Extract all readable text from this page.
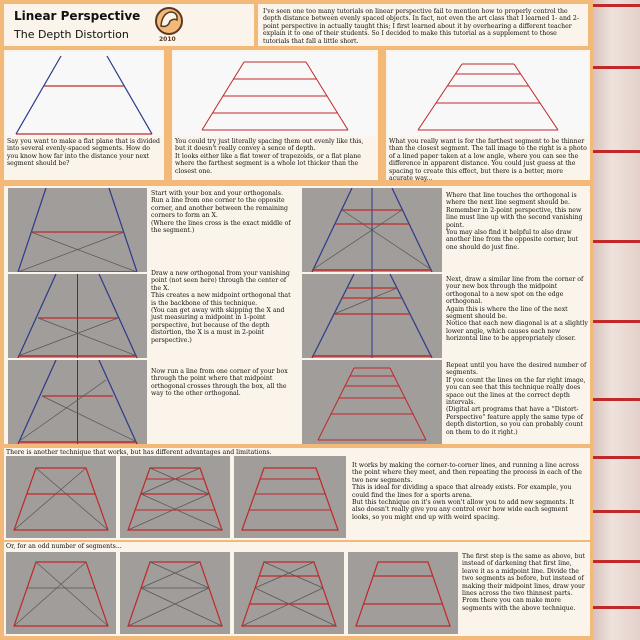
Linear Perspective
The Depth Distortion	2010
I've seen one too many tutorials on linear perspective fail to mention how to properly control the depth distance between evenly spaced objects. In fact, not even the art class that I learned 1- and 2-point perspective in actually taught this; I first learned about it by overhearing a different teacher explain it to one of their students. So I decided to make this tutorial as a supplement to those tutorials that fall a little short.
Say you want to make a flat plane that is divided into several evenly-spaced segments. How do you know how far into the distance your next segment should be?
You could try just literally spacing them out evenly like this, but it doesn't really convey a sence of depth.
It looks either like a flat tower of trapezoids, or a flat plane where the farthest segment is a whole lot thicker than the closest one.
What you really want is for the farthest segment to be thinner than the closest segment. The tall image to the right is a photo of a lined paper taken at a low angle, where you can see the difference in apparent distance. You could just guess at the spacing to create this effect, but there is a better, more acurate way...
Start with your box and your orthogonals.
Run a line from one corner to the opposite corner, and another between the remaining corners to form an X.
(Where the lines cross is the exact middle of the segment.)
Draw a new orthogonal from your vanishing point (not seen here) through the center of the X.
This creates a new midpoint orthogonal that is the backbone of this technique.
(You can get away with skipping the X and just measuring a midpoint in 1-point perspective, but because of the depth distortion, the X is a must in 2-point perspective.)
Now run a line from one corner of your box through the point where that midpoint orthogonal crosses through the box, all the way to the other orthogonal.
Where that line touches the orthogonal is where the next line segment should be.
Remember in 2-point perspective, this new line must line up with the second vanishing point.
You may also find it helpful to also draw another line from the opposite corner, but one should do just fine.
Next, draw a similar line from the corner of your new box through the midpoint orthogonal to a new spot on the edge orthogonal.
Again this is where the line of the next segment should be.
Notice that each new diagonal is at a slightly lower angle, which causes each new horizontal line to be appropriately closer.
Repeat until you have the desired number of segments.
If you count the lines on the far right image, you can see that this technique really does space out the lines at the correct depth intervals.
(Digital art programs that have a "Distort-Perspective" feature apply the same type of depth distortion, so you can probably count on them to do it right.)
There is another technique that works, but has different advantages and limitations.
It works by making the corner-to-corner lines, and running a line across the point where they meet, and then repeating the process in each of the two new segments.
This is ideal for dividing a space that already exists. For example, you could find the lines for a sports arena.
But this technique on it's own won't allow you to add new segments. It also doesn't really give you any control over how wide each segment looks, so you might end up with weird spacing.
Or, for an odd number of segments...
The first step is the same as above, but instead of darkening that first line, leave it as a midpoint line. Divide the two segments as before, but instead of making their midpoint lines, draw your lines across the two thinnest parts. From there you can make more segments with the above technique.
